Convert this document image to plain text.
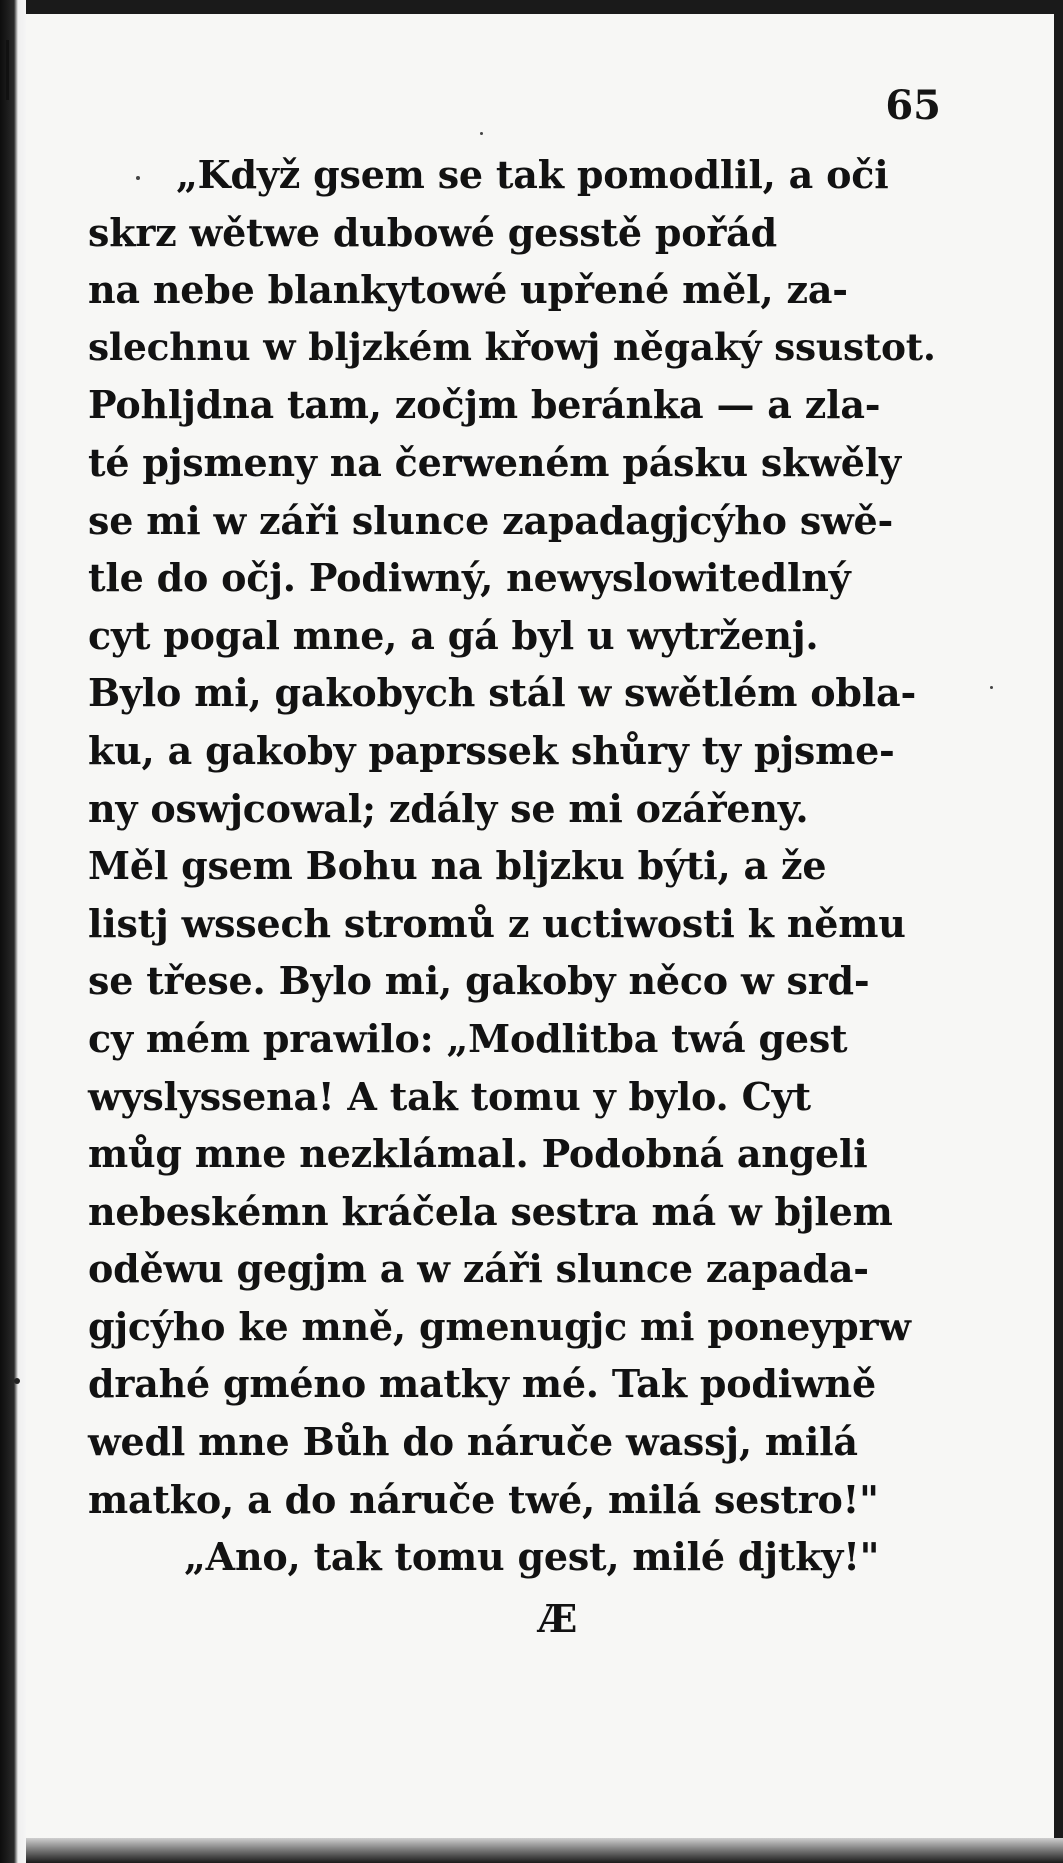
65
„Když gsem se tak pomodlil, a oči
skrz wětwe dubowé gesstě pořád
na nebe blankytowé upřené měl, za-
slechnu w bljzkém křowj něgaký ssustot.
Pohljdna tam, zočjm beránka — a zla-
té pjsmeny na čerweném pásku skwěly
se mi w záři slunce zapadagjcýho swě-
tle do očj. Podiwný, newyslowitedlný
cyt pogal mne, a gá byl u wytrženj.
Bylo mi, gakobych stál w swětlém obla-
ku, a gakoby paprssek shůry ty pjsme-
ny oswjcowal; zdály se mi ozářeny.
Měl gsem Bohu na bljzku býti, a že
listj wssech stromů z uctiwosti k němu
se třese. Bylo mi, gakoby něco w srd-
cy mém prawilo: „Modlitba twá gest
wyslyssena! A tak tomu y bylo. Cyt
můg mne nezklámal. Podobná angeli
nebeskémn kráčela sestra má w bjlem
oděwu gegjm a w záři slunce zapada-
gjcýho ke mně, gmenugjc mi poneyprw
drahé gméno matky mé. Tak podiwně
wedl mne Bůh do náruče wassj, milá
matko, a do náruče twé, milá sestro!"
„Ano, tak tomu gest, milé djtky!"
Æ
